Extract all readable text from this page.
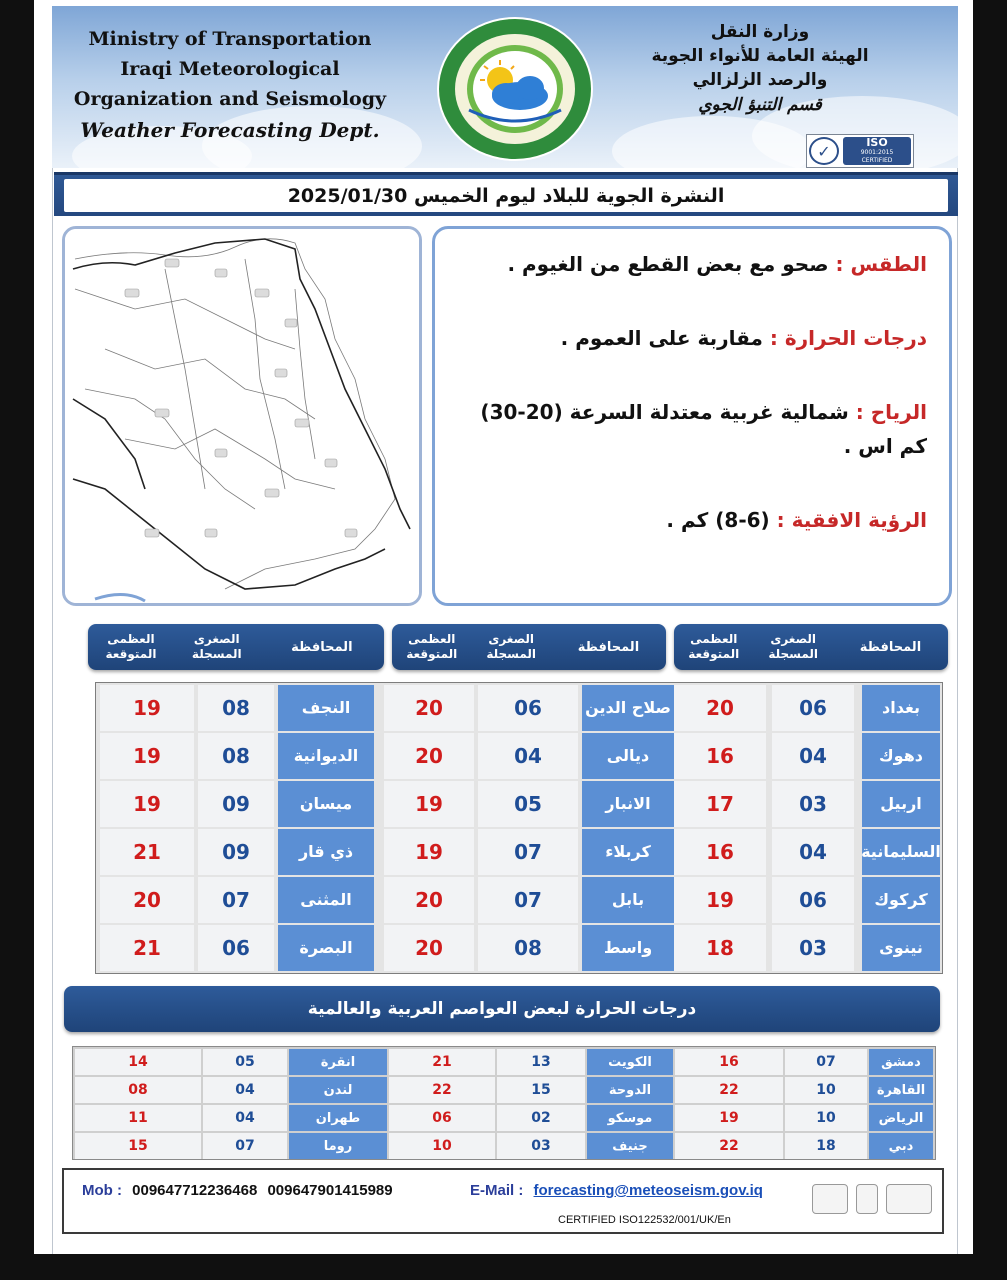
Ministry of Transportation
Iraqi Meteorological
Organization and Seismology
Weather Forecasting Dept.
وزارة النقل
الهيئة العامة للأنواء الجوية
والرصد الزلزالي
قسم التنبؤ الجوي
✓	ISO
9001:2015
CERTIFIED
النشرة الجوية للبلاد ليوم الخميس 2025/01/30
الطقس : صحو مع بعض القطع من الغيوم .
درجات الحرارة : مقاربة على العموم .
الرياح : شمالية غربية معتدلة السرعة (20-30) كم اس .
الرؤية الافقية : (6-8) كم .
المحافظة
الصغرى المسجلة
العظمى المتوقعة
المحافظة
الصغرى المسجلة
العظمى المتوقعة
المحافظة
الصغرى المسجلة
العظمى المتوقعة
بغداد
06
20
دهوك
04
16
اربيل
03
17
السليمانية
04
16
كركوك
06
19
نينوى
03
18
صلاح الدين
06
20
ديالى
04
20
الانبار
05
19
كربلاء
07
19
بابل
07
20
واسط
08
20
النجف
08
19
الديوانية
08
19
ميسان
09
19
ذي قار
09
21
المثنى
07
20
البصرة
06
21
درجات الحرارة لبعض العواصم العربية والعالمية
دمشق
07
16
القاهرة
10
22
الرياض
10
19
دبي
18
22
الكويت
13
21
الدوحة
15
22
موسكو
02
06
جنيف
03
10
انقرة
05
14
لندن
04
08
طهران
04
11
روما
07
15
Mob : 009647712236468 009647901415989	E-Mail : forecasting@meteoseism.gov.iq
CERTIFIED ISO122532/001/UK/En
